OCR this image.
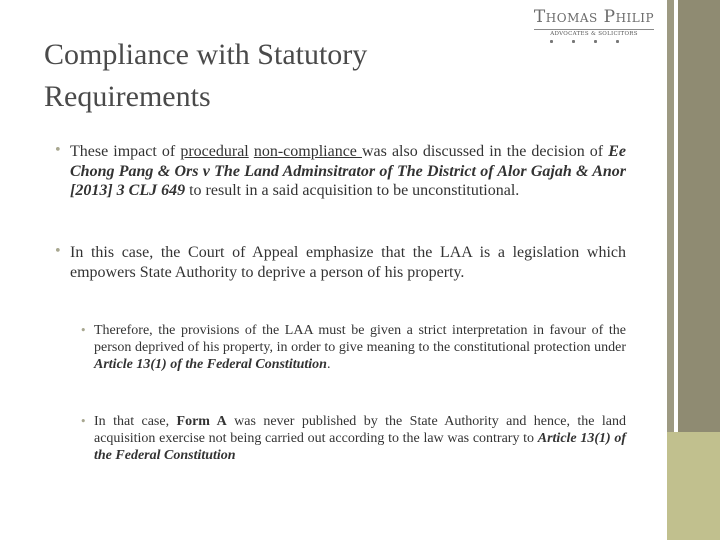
Thomas Philip
ADVOCATES & SOLICITORS
Compliance with Statutory Requirements
• These impact of procedural non-compliance was also discussed in the decision of Ee Chong Pang & Ors v The Land Adminsitrator of The District of Alor Gajah & Anor [2013] 3 CLJ 649 to result in a said acquisition to be unconstitutional.
• In this case, the Court of Appeal emphasize that the LAA is a legislation which empowers State Authority to deprive a person of his property.
• Therefore, the provisions of the LAA must be given a strict interpretation in favour of the person deprived of his property, in order to give meaning to the constitutional protection under Article 13(1) of the Federal Constitution.
• In that case, Form A was never published by the State Authority and hence, the land acquisition exercise not being carried out according to the law was contrary to Article 13(1) of the Federal Constitution
